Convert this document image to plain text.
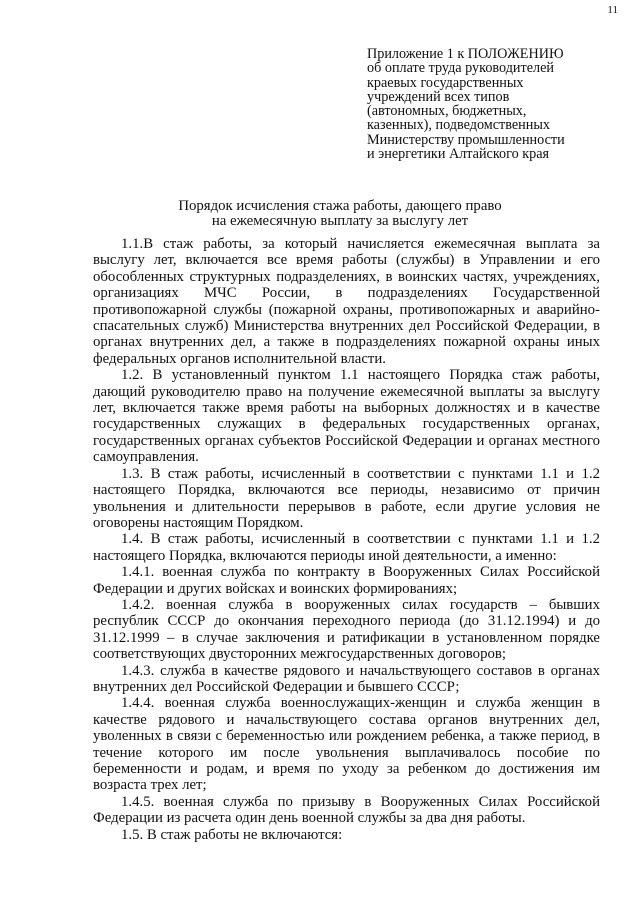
11
Приложение 1 к ПОЛОЖЕНИЮ
об оплате труда руководителей
краевых государственных
учреждений всех типов
(автономных, бюджетных,
казенных), подведомственных
Министерству промышленности
и энергетики Алтайского края
Порядок исчисления стажа работы, дающего право
на ежемесячную выплату за выслугу лет

1.1.В стаж работы, за который начисляется ежемесячная выплата за выслугу лет, включается все время работы (службы) в Управлении и его обособленных структурных подразделениях, в воинских частях, учреждениях, организациях МЧС России, в подразделениях Государственной противопожарной службы (пожарной охраны, противопожарных и аварийно-спасательных служб) Министерства внутренних дел Российской Федерации, в органах внутренних дел, а также в подразделениях пожарной охраны иных федеральных органов исполнительной власти.

1.2. В установленный пунктом 1.1 настоящего Порядка стаж работы, дающий руководителю право на получение ежемесячной выплаты за выслугу лет, включается также время работы на выборных должностях и в качестве государственных служащих в федеральных государственных органах, государственных органах субъектов Российской Федерации и органах местного самоуправления.

1.3. В стаж работы, исчисленный в соответствии с пунктами 1.1 и 1.2 настоящего Порядка, включаются все периоды, независимо от причин увольнения и длительности перерывов в работе, если другие условия не оговорены настоящим Порядком.

1.4. В стаж работы, исчисленный в соответствии с пунктами 1.1 и 1.2 настоящего Порядка, включаются периоды иной деятельности, а именно:

1.4.1. военная служба по контракту в Вооруженных Силах Российской Федерации и других войсках и воинских формированиях;

1.4.2. военная служба в вооруженных силах государств – бывших республик СССР до окончания переходного периода (до 31.12.1994) и до 31.12.1999 – в случае заключения и ратификации в установленном порядке соответствующих двусторонних межгосударственных договоров;

1.4.3. служба в качестве рядового и начальствующего составов в органах внутренних дел Российской Федерации и бывшего СССР;

1.4.4. военная служба военнослужащих-женщин и служба женщин в качестве рядового и начальствующего состава органов внутренних дел, уволенных в связи с беременностью или рождением ребенка, а также период, в течение которого им после увольнения выплачивалось пособие по беременности и родам, и время по уходу за ребенком до достижения им возраста трех лет;

1.4.5. военная служба по призыву в Вооруженных Силах Российской Федерации из расчета один день военной службы за два дня работы.

1.5. В стаж работы не включаются:
